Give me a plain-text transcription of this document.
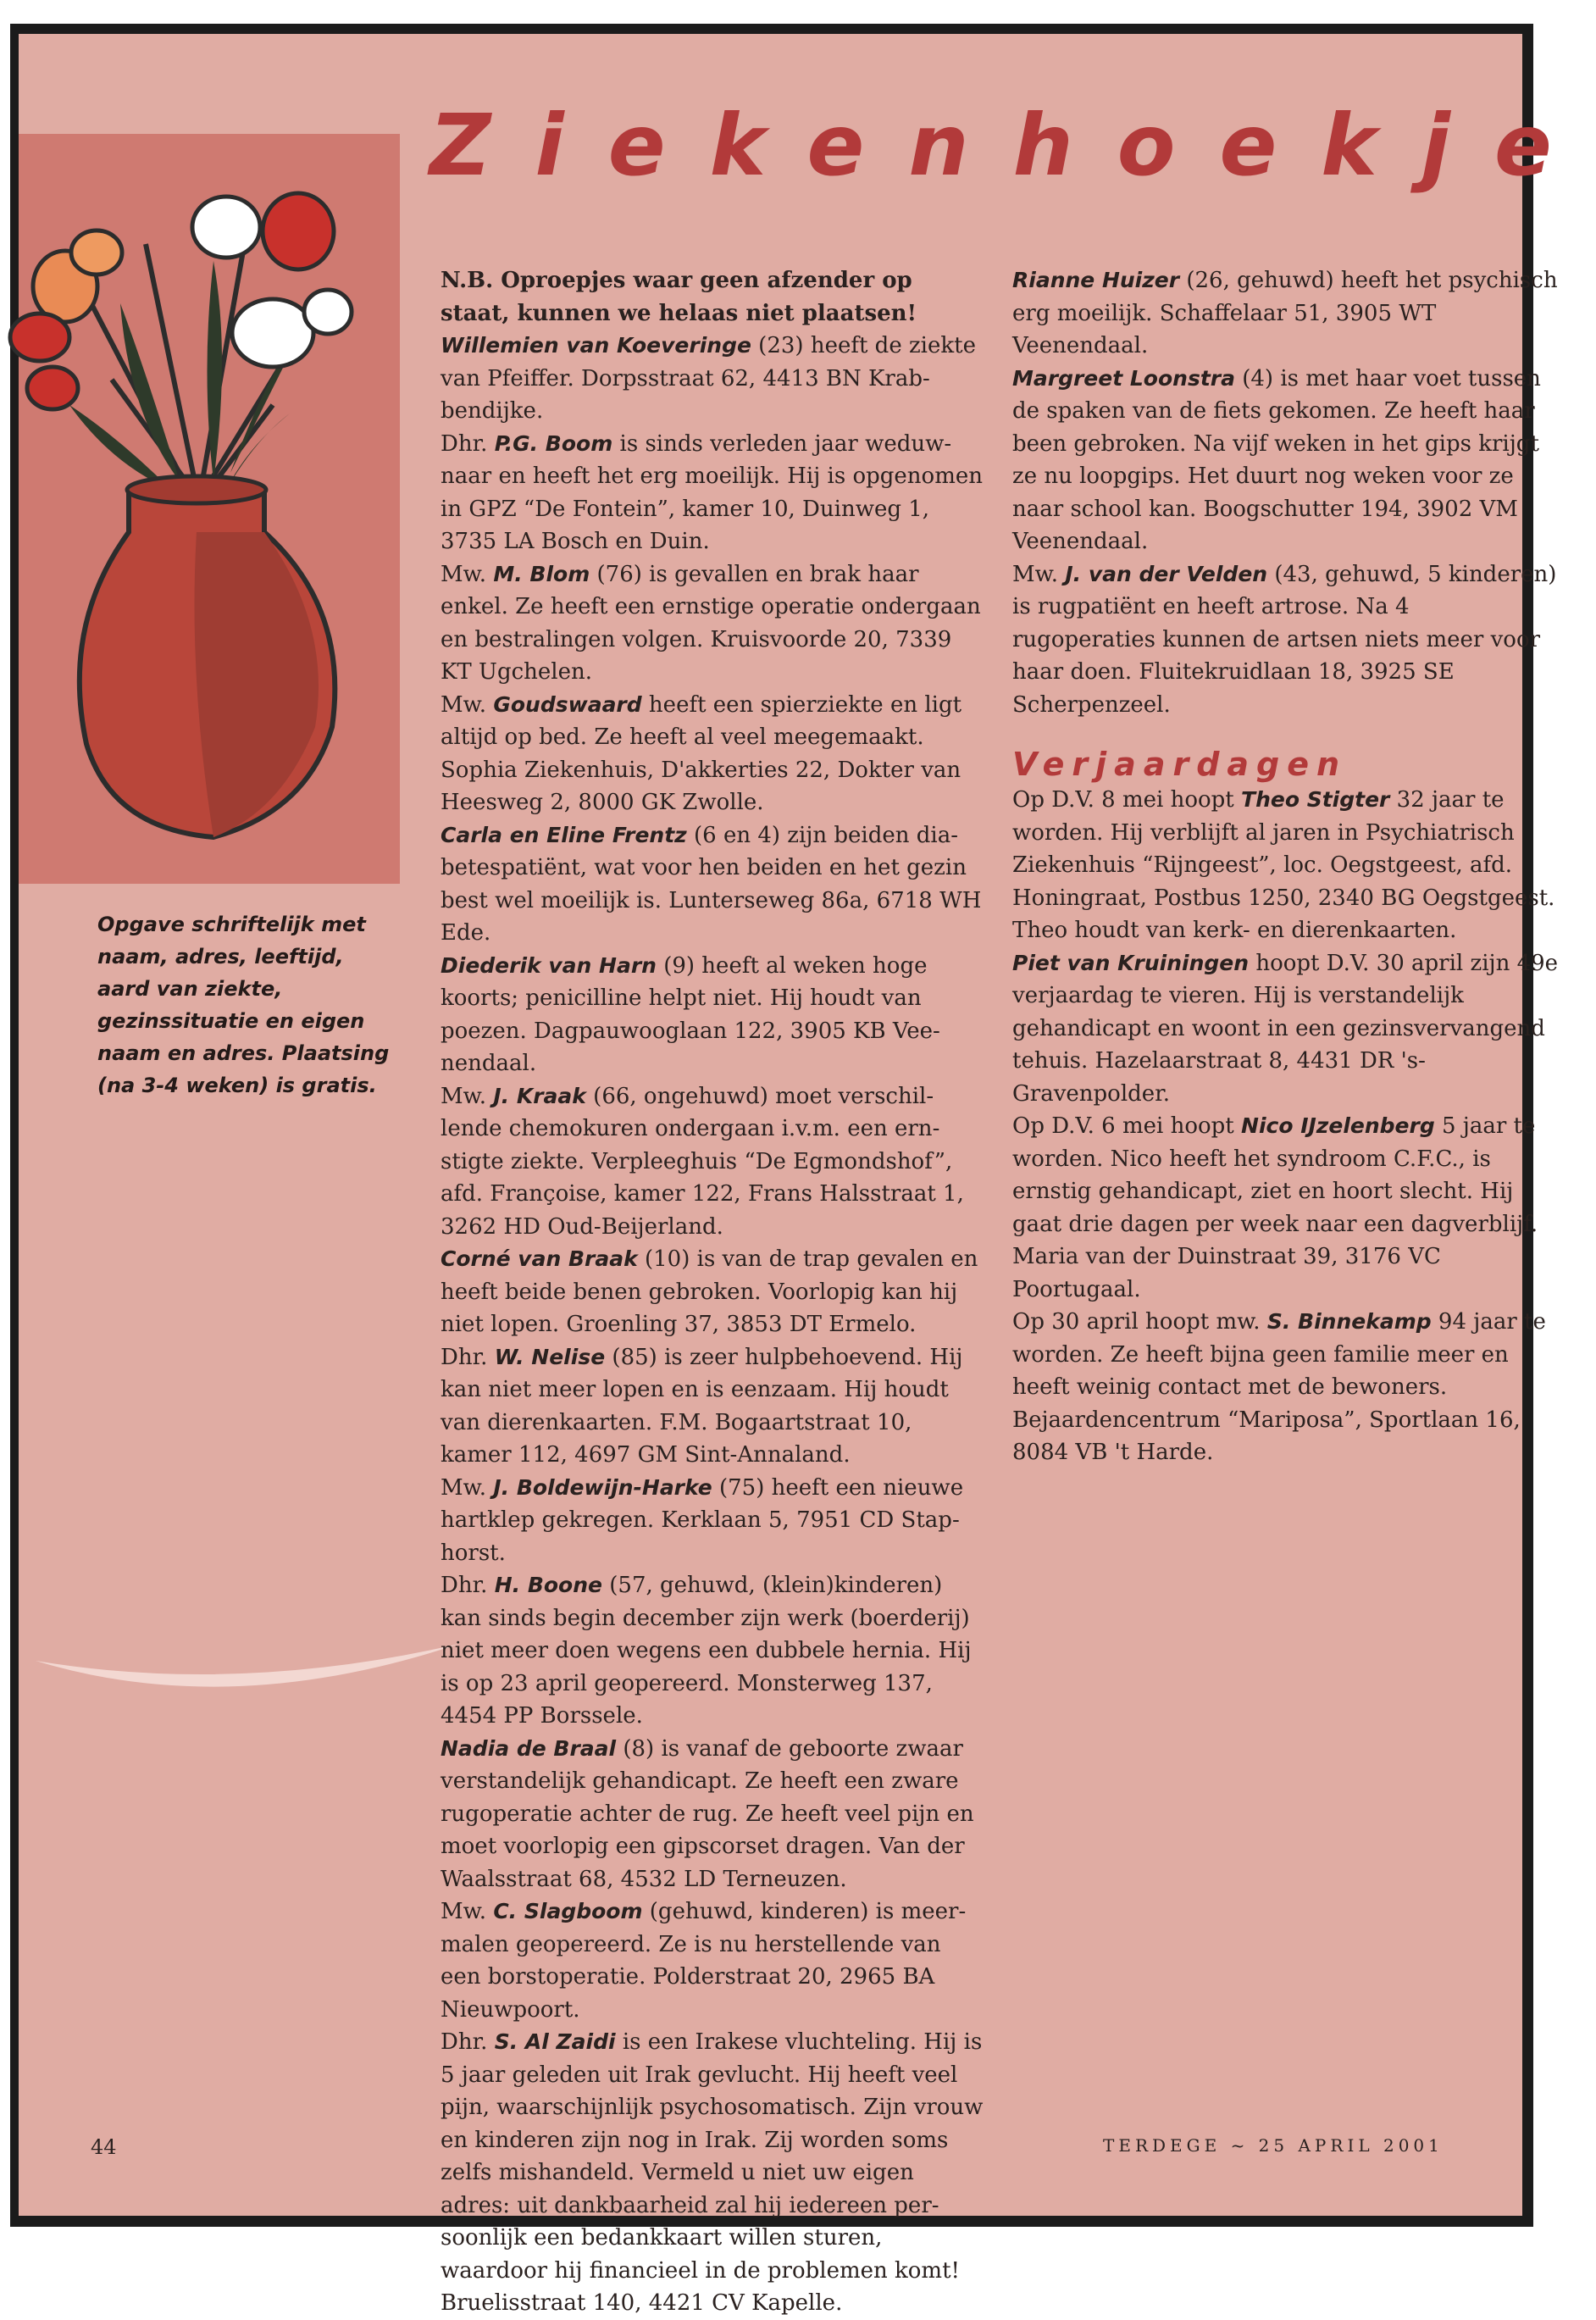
Ziekenhoekje
Opgave schriftelijk met naam, adres, leeftijd, aard van ziekte, gezinssituatie en eigen naam en adres. Plaatsing (na 3-4 weken) is gratis.

N.B. Oproepjes waar geen afzender op staat, kunnen we helaas niet plaatsen!

Willemien van Koeveringe (23) heeft de ziekte van Pfeiffer. Dorpsstraat 62, 4413 BN Krabbendijke.

Dhr. P.G. Boom is sinds verleden jaar weduwnaar en heeft het erg moeilijk. Hij is opgenomen in GPZ “De Fontein”, kamer 10, Duinweg 1, 3735 LA Bosch en Duin.

Mw. M. Blom (76) is gevallen en brak haar enkel. Ze heeft een ernstige operatie ondergaan en bestralingen volgen. Kruisvoorde 20, 7339 KT Ugchelen.

Mw. Goudswaard heeft een spierziekte en ligt altijd op bed. Ze heeft al veel meegemaakt. Sophia Ziekenhuis, D'akkerties 22, Dokter van Heesweg 2, 8000 GK Zwolle.

Carla en Eline Frentz (6 en 4) zijn beiden diabetespatiënt, wat voor hen beiden en het gezin best wel moeilijk is. Lunterseweg 86a, 6718 WH Ede.

Diederik van Harn (9) heeft al weken hoge koorts; penicilline helpt niet. Hij houdt van poezen. Dagpauwooglaan 122, 3905 KB Veenendaal.

Mw. J. Kraak (66, ongehuwd) moet verschillende chemokuren ondergaan i.v.m. een ernstigte ziekte. Verpleeghuis “De Egmondshof”, afd. Françoise, kamer 122, Frans Halsstraat 1, 3262 HD Oud-Beijerland.

Corné van Braak (10) is van de trap gevalen en heeft beide benen gebroken. Voorlopig kan hij niet lopen. Groenling 37, 3853 DT Ermelo.

Dhr. W. Nelise (85) is zeer hulpbehoevend. Hij kan niet meer lopen en is eenzaam. Hij houdt van dierenkaarten. F.M. Bogaartstraat 10, kamer 112, 4697 GM Sint-Annaland.

Mw. J. Boldewijn-Harke (75) heeft een nieuwe hartklep gekregen. Kerklaan 5, 7951 CD Staphorst.

Dhr. H. Boone (57, gehuwd, (klein)kinderen) kan sinds begin december zijn werk (boerderij) niet meer doen wegens een dubbele hernia. Hij is op 23 april geopereerd. Monsterweg 137, 4454 PP Borssele.

Nadia de Braal (8) is vanaf de geboorte zwaar verstandelijk gehandicapt. Ze heeft een zware rugoperatie achter de rug. Ze heeft veel pijn en moet voorlopig een gipscorset dragen. Van der Waalsstraat 68, 4532 LD Terneuzen.

Mw. C. Slagboom (gehuwd, kinderen) is meermalen geopereerd. Ze is nu herstellende van een borstoperatie. Polderstraat 20, 2965 BA Nieuwpoort.

Dhr. S. Al Zaidi is een Irakese vluchteling. Hij is 5 jaar geleden uit Irak gevlucht. Hij heeft veel pijn, waarschijnlijk psychosomatisch. Zijn vrouw en kinderen zijn nog in Irak. Zij worden soms zelfs mishandeld. Vermeld u niet uw eigen adres: uit dankbaarheid zal hij iedereen persoonlijk een bedankkaart willen sturen, waardoor hij financieel in de problemen komt! Bruelisstraat 140, 4421 CV Kapelle.

Rianne Huizer (26, gehuwd) heeft het psychisch erg moeilijk. Schaffelaar 51, 3905 WT Veenendaal.

Margreet Loonstra (4) is met haar voet tussen de spaken van de fiets gekomen. Ze heeft haar been gebroken. Na vijf weken in het gips krijgt ze nu loopgips. Het duurt nog weken voor ze naar school kan. Boogschutter 194, 3902 VM Veenendaal.

Mw. J. van der Velden (43, gehuwd, 5 kinderen) is rugpatiënt en heeft artrose. Na 4 rugoperaties kunnen de artsen niets meer voor haar doen. Fluitekruidlaan 18, 3925 SE Scherpenzeel.

Verjaardagen

Op D.V. 8 mei hoopt Theo Stigter 32 jaar te worden. Hij verblijft al jaren in Psychiatrisch Ziekenhuis “Rijngeest”, loc. Oegstgeest, afd. Honingraat, Postbus 1250, 2340 BG Oegstgeest. Theo houdt van kerk- en dierenkaarten.

Piet van Kruiningen hoopt D.V. 30 april zijn 49e verjaardag te vieren. Hij is verstandelijk gehandicapt en woont in een gezinsvervangend tehuis. Hazelaarstraat 8, 4431 DR 's-Gravenpolder.

Op D.V. 6 mei hoopt Nico IJzelenberg 5 jaar te worden. Nico heeft het syndroom C.F.C., is ernstig gehandicapt, ziet en hoort slecht. Hij gaat drie dagen per week naar een dagverblijf. Maria van der Duinstraat 39, 3176 VC Poortugaal.

Op 30 april hoopt mw. S. Binnekamp 94 jaar te worden. Ze heeft bijna geen familie meer en heeft weinig contact met de bewoners. Bejaardencentrum “Mariposa”, Sportlaan 16, 8084 VB 't Harde.

44	TERDEGE ~ 25 APRIL 2001
